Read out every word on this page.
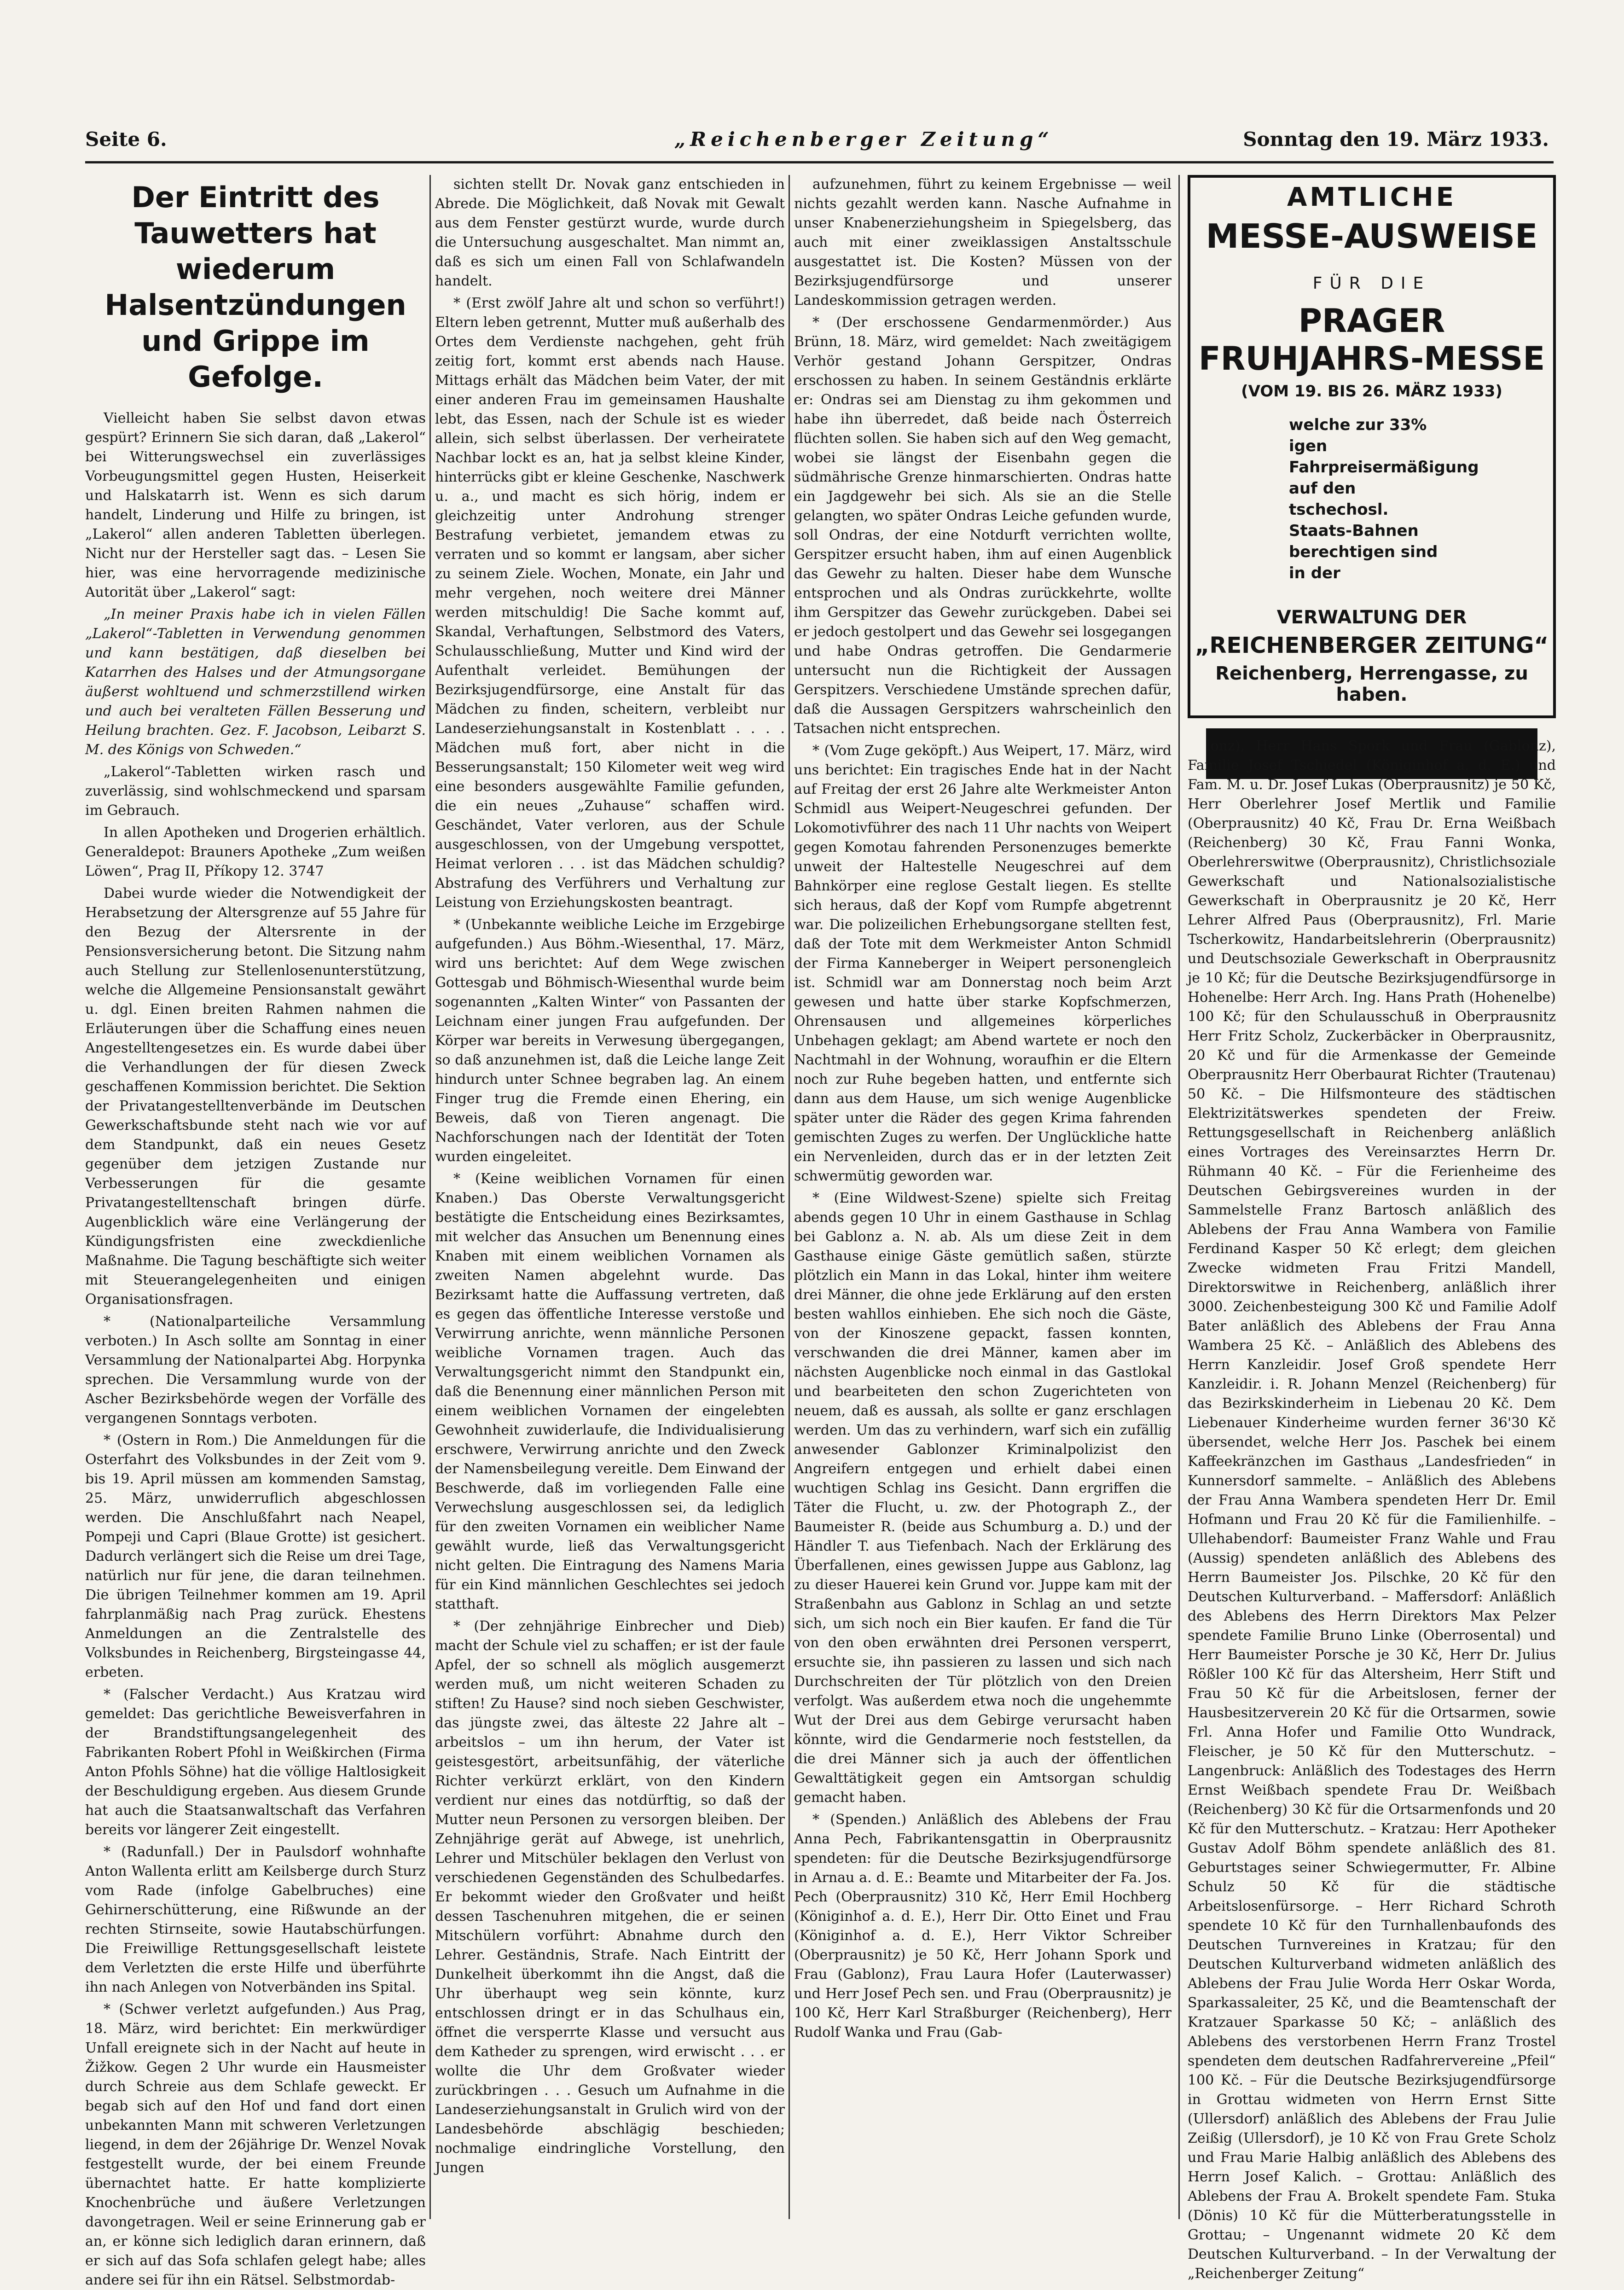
Seite 6.	„Reichenberger Zeitung“	Sonntag den 19. März 1933.
Der Eintritt des Tauwetters hat wiederum Halsentzündungen und Grippe im Gefolge.

Vielleicht haben Sie selbst davon etwas gespürt? Erinnern Sie sich daran, daß „Lakerol“ bei Witterungswechsel ein zuverlässiges Vorbeugungsmittel gegen Husten, Heiserkeit und Halskatarrh ist. Wenn es sich darum handelt, Linderung und Hilfe zu bringen, ist „Lakerol“ allen anderen Tabletten überlegen. Nicht nur der Hersteller sagt das. – Lesen Sie hier, was eine hervorragende medizinische Autorität über „Lakerol“ sagt:

„In meiner Praxis habe ich in vielen Fällen „Lakerol“-Tabletten in Verwendung genommen und kann bestätigen, daß dieselben bei Katarrhen des Halses und der Atmungsorgane äußerst wohltuend und schmerzstillend wirken und auch bei veralteten Fällen Besserung und Heilung brachten. Gez. F. Jacobson, Leibarzt S. M. des Königs von Schweden.“

„Lakerol“-Tabletten wirken rasch und zuverlässig, sind wohlschmeckend und sparsam im Gebrauch.

In allen Apotheken und Drogerien erhältlich. Generaldepot: Brauners Apotheke „Zum weißen Löwen“, Prag II, Příkopy 12. 3747

Dabei wurde wieder die Notwendigkeit der Herabsetzung der Altersgrenze auf 55 Jahre für den Bezug der Altersrente in der Pensionsversicherung betont. Die Sitzung nahm auch Stellung zur Stellenlosenunterstützung, welche die Allgemeine Pensionsanstalt gewährt u. dgl. Einen breiten Rahmen nahmen die Erläuterungen über die Schaffung eines neuen Angestelltengesetzes ein. Es wurde dabei über die Verhandlungen der für diesen Zweck geschaffenen Kommission berichtet. Die Sektion der Privatangestelltenverbände im Deutschen Gewerkschaftsbunde steht nach wie vor auf dem Standpunkt, daß ein neues Gesetz gegenüber dem jetzigen Zustande nur Verbesserungen für die gesamte Privatangestelltenschaft bringen dürfe. Augenblicklich wäre eine Verlängerung der Kündigungsfristen eine zweckdienliche Maßnahme. Die Tagung beschäftigte sich weiter mit Steuerangelegenheiten und einigen Organisationsfragen.

* (Nationalparteiliche Versammlung verboten.) In Asch sollte am Sonntag in einer Versammlung der Nationalpartei Abg. Horpynka sprechen. Die Versammlung wurde von der Ascher Bezirksbehörde wegen der Vorfälle des vergangenen Sonntags verboten.

* (Ostern in Rom.) Die Anmeldungen für die Osterfahrt des Volksbundes in der Zeit vom 9. bis 19. April müssen am kommenden Samstag, 25. März, unwiderruflich abgeschlossen werden. Die Anschlußfahrt nach Neapel, Pompeji und Capri (Blaue Grotte) ist gesichert. Dadurch verlängert sich die Reise um drei Tage, natürlich nur für jene, die daran teilnehmen. Die übrigen Teilnehmer kommen am 19. April fahrplanmäßig nach Prag zurück. Ehestens Anmeldungen an die Zentralstelle des Volksbundes in Reichenberg, Birgsteingasse 44, erbeten.

* (Falscher Verdacht.) Aus Kratzau wird gemeldet: Das gerichtliche Beweisverfahren in der Brandstiftungsangelegenheit des Fabrikanten Robert Pfohl in Weißkirchen (Firma Anton Pfohls Söhne) hat die völlige Haltlosigkeit der Beschuldigung ergeben. Aus diesem Grunde hat auch die Staatsanwaltschaft das Verfahren bereits vor längerer Zeit eingestellt.

* (Radunfall.) Der in Paulsdorf wohnhafte Anton Wallenta erlitt am Keilsberge durch Sturz vom Rade (infolge Gabelbruches) eine Gehirnerschütterung, eine Rißwunde an der rechten Stirnseite, sowie Hautabschürfungen. Die Freiwillige Rettungsgesellschaft leistete dem Verletzten die erste Hilfe und überführte ihn nach Anlegen von Notverbänden ins Spital.

* (Schwer verletzt aufgefunden.) Aus Prag, 18. März, wird berichtet: Ein merkwürdiger Unfall ereignete sich in der Nacht auf heute in Žižkow. Gegen 2 Uhr wurde ein Hausmeister durch Schreie aus dem Schlafe geweckt. Er begab sich auf den Hof und fand dort einen unbekannten Mann mit schweren Verletzungen liegend, in dem der 26jährige Dr. Wenzel Novak festgestellt wurde, der bei einem Freunde übernachtet hatte. Er hatte komplizierte Knochenbrüche und äußere Verletzungen davongetragen. Weil er seine Erinnerung gab er an, er könne sich lediglich daran erinnern, daß er sich auf das Sofa schlafen gelegt habe; alles andere sei für ihn ein Rätsel. Selbstmordab-

sichten stellt Dr. Novak ganz entschieden in Abrede. Die Möglichkeit, daß Novak mit Gewalt aus dem Fenster gestürzt wurde, wurde durch die Untersuchung ausgeschaltet. Man nimmt an, daß es sich um einen Fall von Schlafwandeln handelt.

* (Erst zwölf Jahre alt und schon so verführt!) Eltern leben getrennt, Mutter muß außerhalb des Ortes dem Verdienste nachgehen, geht früh zeitig fort, kommt erst abends nach Hause. Mittags erhält das Mädchen beim Vater, der mit einer anderen Frau im gemeinsamen Haushalte lebt, das Essen, nach der Schule ist es wieder allein, sich selbst überlassen. Der verheiratete Nachbar lockt es an, hat ja selbst kleine Kinder, hinterrücks gibt er kleine Geschenke, Naschwerk u. a., und macht es sich hörig, indem er gleichzeitig unter Androhung strenger Bestrafung verbietet, jemandem etwas zu verraten und so kommt er langsam, aber sicher zu seinem Ziele. Wochen, Monate, ein Jahr und mehr vergehen, noch weitere drei Männer werden mitschuldig! Die Sache kommt auf, Skandal, Verhaftungen, Selbstmord des Vaters, Schulausschließung, Mutter und Kind wird der Aufenthalt verleidet. Bemühungen der Bezirksjugendfürsorge, eine Anstalt für das Mädchen zu finden, scheitern, verbleibt nur Landeserziehungsanstalt in Kostenblatt . . . . Mädchen muß fort, aber nicht in die Besserungsanstalt; 150 Kilometer weit weg wird eine besonders ausgewählte Familie gefunden, die ein neues „Zuhause“ schaffen wird. Geschändet, Vater verloren, aus der Schule ausgeschlossen, von der Umgebung verspottet, Heimat verloren . . . ist das Mädchen schuldig? Abstrafung des Verführers und Verhaltung zur Leistung von Erziehungskosten beantragt.

* (Unbekannte weibliche Leiche im Erzgebirge aufgefunden.) Aus Böhm.-Wiesenthal, 17. März, wird uns berichtet: Auf dem Wege zwischen Gottesgab und Böhmisch-Wiesenthal wurde beim sogenannten „Kalten Winter“ von Passanten der Leichnam einer jungen Frau aufgefunden. Der Körper war bereits in Verwesung übergegangen, so daß anzunehmen ist, daß die Leiche lange Zeit hindurch unter Schnee begraben lag. An einem Finger trug die Fremde einen Ehering, ein Beweis, daß von Tieren angenagt. Die Nachforschungen nach der Identität der Toten wurden eingeleitet.

* (Keine weiblichen Vornamen für einen Knaben.) Das Oberste Verwaltungsgericht bestätigte die Entscheidung eines Bezirksamtes, mit welcher das Ansuchen um Benennung eines Knaben mit einem weiblichen Vornamen als zweiten Namen abgelehnt wurde. Das Bezirksamt hatte die Auffassung vertreten, daß es gegen das öffentliche Interesse verstoße und Verwirrung anrichte, wenn männliche Personen weibliche Vornamen tragen. Auch das Verwaltungsgericht nimmt den Standpunkt ein, daß die Benennung einer männlichen Person mit einem weiblichen Vornamen der eingelebten Gewohnheit zuwiderlaufe, die Individualisierung erschwere, Verwirrung anrichte und den Zweck der Namensbeilegung vereitle. Dem Einwand der Beschwerde, daß im vorliegenden Falle eine Verwechslung ausgeschlossen sei, da lediglich für den zweiten Vornamen ein weiblicher Name gewählt wurde, ließ das Verwaltungsgericht nicht gelten. Die Eintragung des Namens Maria für ein Kind männlichen Geschlechtes sei jedoch statthaft.

* (Der zehnjährige Einbrecher und Dieb) macht der Schule viel zu schaffen; er ist der faule Apfel, der so schnell als möglich ausgemerzt werden muß, um nicht weiteren Schaden zu stiften! Zu Hause? sind noch sieben Geschwister, das jüngste zwei, das älteste 22 Jahre alt – arbeitslos – um ihn herum, der Vater ist geistesgestört, arbeitsunfähig, der väterliche Richter verkürzt erklärt, von den Kindern verdient nur eines das notdürftig, so daß der Mutter neun Personen zu versorgen bleiben. Der Zehnjährige gerät auf Abwege, ist unehrlich, Lehrer und Mitschüler beklagen den Verlust von verschiedenen Gegenständen des Schulbedarfes. Er bekommt wieder den Großvater und heißt dessen Taschenuhren mitgehen, die er seinen Mitschülern vorführt: Abnahme durch den Lehrer. Geständnis, Strafe. Nach Eintritt der Dunkelheit überkommt ihn die Angst, daß die Uhr überhaupt weg sein könnte, kurz entschlossen dringt er in das Schulhaus ein, öffnet die versperrte Klasse und versucht aus dem Katheder zu sprengen, wird erwischt . . . er wollte die Uhr dem Großvater wieder zurückbringen . . . Gesuch um Aufnahme in die Landeserziehungsanstalt in Grulich wird von der Landesbehörde abschlägig beschieden; nochmalige eindringliche Vorstellung, den Jungen

aufzunehmen, führt zu keinem Ergebnisse — weil nichts gezahlt werden kann. Nasche Aufnahme in unser Knabenerziehungsheim in Spiegelsberg, das auch mit einer zweiklassigen Anstaltsschule ausgestattet ist. Die Kosten? Müssen von der Bezirksjugendfürsorge und unserer Landeskommission getragen werden.

* (Der erschossene Gendarmenmörder.) Aus Brünn, 18. März, wird gemeldet: Nach zweitägigem Verhör gestand Johann Gerspitzer, Ondras erschossen zu haben. In seinem Geständnis erklärte er: Ondras sei am Dienstag zu ihm gekommen und habe ihn überredet, daß beide nach Österreich flüchten sollen. Sie haben sich auf den Weg gemacht, wobei sie längst der Eisenbahn gegen die südmährische Grenze hinmarschierten. Ondras hatte ein Jagdgewehr bei sich. Als sie an die Stelle gelangten, wo später Ondras Leiche gefunden wurde, soll Ondras, der eine Notdurft verrichten wollte, Gerspitzer ersucht haben, ihm auf einen Augenblick das Gewehr zu halten. Dieser habe dem Wunsche entsprochen und als Ondras zurückkehrte, wollte ihm Gerspitzer das Gewehr zurückgeben. Dabei sei er jedoch gestolpert und das Gewehr sei losgegangen und habe Ondras getroffen. Die Gendarmerie untersucht nun die Richtigkeit der Aussagen Gerspitzers. Verschiedene Umstände sprechen dafür, daß die Aussagen Gerspitzers wahrscheinlich den Tatsachen nicht entsprechen.

* (Vom Zuge geköpft.) Aus Weipert, 17. März, wird uns berichtet: Ein tragisches Ende hat in der Nacht auf Freitag der erst 26 Jahre alte Werkmeister Anton Schmidl aus Weipert-Neugeschrei gefunden. Der Lokomotivführer des nach 11 Uhr nachts von Weipert gegen Komotau fahrenden Personenzuges bemerkte unweit der Haltestelle Neugeschrei auf dem Bahnkörper eine reglose Gestalt liegen. Es stellte sich heraus, daß der Kopf vom Rumpfe abgetrennt war. Die polizeilichen Erhebungsorgane stellten fest, daß der Tote mit dem Werkmeister Anton Schmidl der Firma Kanneberger in Weipert personengleich ist. Schmidl war am Donnerstag noch beim Arzt gewesen und hatte über starke Kopfschmerzen, Ohrensausen und allgemeines körperliches Unbehagen geklagt; am Abend wartete er noch den Nachtmahl in der Wohnung, woraufhin er die Eltern noch zur Ruhe begeben hatten, und entfernte sich dann aus dem Hause, um sich wenige Augenblicke später unter die Räder des gegen Krima fahrenden gemischten Zuges zu werfen. Der Unglückliche hatte ein Nervenleiden, durch das er in der letzten Zeit schwermütig geworden war.

* (Eine Wildwest-Szene) spielte sich Freitag abends gegen 10 Uhr in einem Gasthause in Schlag bei Gablonz a. N. ab. Als um diese Zeit in dem Gasthause einige Gäste gemütlich saßen, stürzte plötzlich ein Mann in das Lokal, hinter ihm weitere drei Männer, die ohne jede Erklärung auf den ersten besten wahllos einhieben. Ehe sich noch die Gäste, von der Kinoszene gepackt, fassen konnten, verschwanden die drei Männer, kamen aber im nächsten Augenblicke noch einmal in das Gastlokal und bearbeiteten den schon Zugerichteten von neuem, daß es aussah, als sollte er ganz erschlagen werden. Um das zu verhindern, warf sich ein zufällig anwesender Gablonzer Kriminalpolizist den Angreifern entgegen und erhielt dabei einen wuchtigen Schlag ins Gesicht. Dann ergriffen die Täter die Flucht, u. zw. der Photograph Z., der Baumeister R. (beide aus Schumburg a. D.) und der Händler T. aus Tiefenbach. Nach der Erklärung des Überfallenen, eines gewissen Juppe aus Gablonz, lag zu dieser Hauerei kein Grund vor. Juppe kam mit der Straßenbahn aus Gablonz in Schlag an und setzte sich, um sich noch ein Bier kaufen. Er fand die Tür von den oben erwähnten drei Personen versperrt, ersuchte sie, ihn passieren zu lassen und sich nach Durchschreiten der Tür plötzlich von den Dreien verfolgt. Was außerdem etwa noch die ungehemmte Wut der Drei aus dem Gebirge verursacht haben könnte, wird die Gendarmerie noch feststellen, da die drei Männer sich ja auch der öffentlichen Gewalttätigkeit gegen ein Amtsorgan schuldig gemacht haben.

* (Spenden.) Anläßlich des Ablebens der Frau Anna Pech, Fabrikantensgattin in Oberprausnitz spendeten: für die Deutsche Bezirksjugendfürsorge in Arnau a. d. E.: Beamte und Mitarbeiter der Fa. Jos. Pech (Oberprausnitz) 310 Kč, Herr Emil Hochberg (Königinhof a. d. E.), Herr Dir. Otto Einet und Frau (Königinhof a. d. E.), Herr Viktor Schreiber (Oberprausnitz) je 50 Kč, Herr Johann Spork und Frau (Gablonz), Frau Laura Hofer (Lauterwasser) und Herr Josef Pech sen. und Frau (Oberprausnitz) je 100 Kč, Herr Karl Straßburger (Reichenberg), Herr Rudolf Wanka und Frau (Gab-

AMTLICHE
MESSE-AUSWEISE
FÜR DIE
PRAGER
FRUHJAHRS-MESSE
(VOM 19. BIS 26. MÄRZ 1933)
welche zur 33% igen Fahrpreisermäßigung auf den tschechosl. Staats-Bahnen berechtigen sind in der
VERWALTUNG DER
„REICHENBERGER ZEITUNG“
Reichenberg, Herrengasse, zu haben.

lonz), Herr Hans Spork und Frau (Gablonz), Familie Josef Tschiedel (Königinhof a. d. E.) und Fam. M. u. Dr. Josef Lukas (Oberprausnitz) je 50 Kč, Herr Oberlehrer Josef Mertlik und Familie (Oberprausnitz) 40 Kč, Frau Dr. Erna Weißbach (Reichenberg) 30 Kč, Frau Fanni Wonka, Oberlehrerswitwe (Oberprausnitz), Christlichsoziale Gewerkschaft und Nationalsozialistische Gewerkschaft in Oberprausnitz je 20 Kč, Herr Lehrer Alfred Paus (Oberprausnitz), Frl. Marie Tscherkowitz, Handarbeitslehrerin (Oberprausnitz) und Deutschsoziale Gewerkschaft in Oberprausnitz je 10 Kč; für die Deutsche Bezirksjugendfürsorge in Hohenelbe: Herr Arch. Ing. Hans Prath (Hohenelbe) 100 Kč; für den Schulausschuß in Oberprausnitz Herr Fritz Scholz, Zuckerbäcker in Oberprausnitz, 20 Kč und für die Armenkasse der Gemeinde Oberprausnitz Herr Oberbaurat Richter (Trautenau) 50 Kč. – Die Hilfsmonteure des städtischen Elektrizitätswerkes spendeten der Freiw. Rettungsgesellschaft in Reichenberg anläßlich eines Vortrages des Vereinsarztes Herrn Dr. Rühmann 40 Kč. – Für die Ferienheime des Deutschen Gebirgsvereines wurden in der Sammelstelle Franz Bartosch anläßlich des Ablebens der Frau Anna Wambera von Familie Ferdinand Kasper 50 Kč erlegt; dem gleichen Zwecke widmeten Frau Fritzi Mandell, Direktorswitwe in Reichenberg, anläßlich ihrer 3000. Zeichenbesteigung 300 Kč und Familie Adolf Bater anläßlich des Ablebens der Frau Anna Wambera 25 Kč. – Anläßlich des Ablebens des Herrn Kanzleidir. Josef Groß spendete Herr Kanzleidir. i. R. Johann Menzel (Reichenberg) für das Bezirkskinderheim in Liebenau 20 Kč. Dem Liebenauer Kinderheime wurden ferner 36'30 Kč übersendet, welche Herr Jos. Paschek bei einem Kaffeekränzchen im Gasthaus „Landesfrieden“ in Kunnersdorf sammelte. – Anläßlich des Ablebens der Frau Anna Wambera spendeten Herr Dr. Emil Hofmann und Frau 20 Kč für die Familienhilfe. – Ullehabendorf: Baumeister Franz Wahle und Frau (Aussig) spendeten anläßlich des Ablebens des Herrn Baumeister Jos. Pilschke, 20 Kč für den Deutschen Kulturverband. – Maffersdorf: Anläßlich des Ablebens des Herrn Direktors Max Pelzer spendete Familie Bruno Linke (Oberrosental) und Herr Baumeister Porsche je 30 Kč, Herr Dr. Julius Rößler 100 Kč für das Altersheim, Herr Stift und Frau 50 Kč für die Arbeitslosen, ferner der Hausbesitzerverein 20 Kč für die Ortsarmen, sowie Frl. Anna Hofer und Familie Otto Wundrack, Fleischer, je 50 Kč für den Mutterschutz. – Langenbruck: Anläßlich des Todestages des Herrn Ernst Weißbach spendete Frau Dr. Weißbach (Reichenberg) 30 Kč für die Ortsarmenfonds und 20 Kč für den Mutterschutz. – Kratzau: Herr Apotheker Gustav Adolf Böhm spendete anläßlich des 81. Geburtstages seiner Schwiegermutter, Fr. Albine Schulz 50 Kč für die städtische Arbeitslosenfürsorge. – Herr Richard Schroth spendete 10 Kč für den Turnhallenbaufonds des Deutschen Turnvereines in Kratzau; für den Deutschen Kulturverband widmeten anläßlich des Ablebens der Frau Julie Worda Herr Oskar Worda, Sparkassaleiter, 25 Kč, und die Beamtenschaft der Kratzauer Sparkasse 50 Kč; – anläßlich des Ablebens des verstorbenen Herrn Franz Trostel spendeten dem deutschen Radfahrervereine „Pfeil“ 100 Kč. – Für die Deutsche Bezirksjugendfürsorge in Grottau widmeten von Herrn Ernst Sitte (Ullersdorf) anläßlich des Ablebens der Frau Julie Zeißig (Ullersdorf), je 10 Kč von Frau Grete Scholz und Frau Marie Halbig anläßlich des Ablebens des Herrn Josef Kalich. – Grottau: Anläßlich des Ablebens der Frau A. Brokelt spendete Fam. Stuka (Dönis) 10 Kč für die Mütterberatungsstelle in Grottau; – Ungenannt widmete 20 Kč dem Deutschen Kulturverband. – In der Verwaltung der „Reichenberger Zeitung“
